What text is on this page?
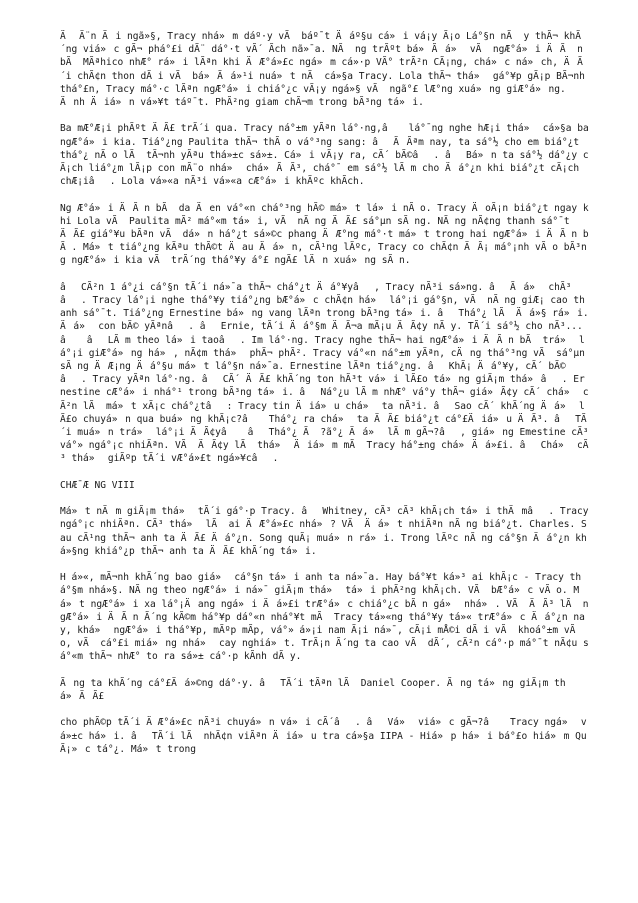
Ä Ä¨n Äi ngã»§, Tracy nhá»m dáº·y vÃ  báº¯t Äáº§u cá»i vá¡y Ã¡o Lá°§n nÃ  y thÃ¬ khÃ´ng viá»c gÃ¬ phá°£i dÃ¨ dá°·t vÃ´ Ãch nã»¯a. NÃ  ng trÃºt bá»Ãá» vÃ  ngÆ°á»i ÄÃ  n bÃ  MÃªhico nhÆ° rá»i lÃªn khi ÄÆ°á»£c ngá»m cá»·p VÃ° trÃ²n CÃ¡ng, chá»c ná»ch, ÄÃ´i chÃ¢n thon dÃ i vÃ  bá»Ãá»¹i nuá»t nÃ  cá»§a Tracy. Lola thÃ¬ thá» gá°¥p gÃ¡p BÃ¬nh thá°£n, Tracy má°·c lÃªn ngÆ°á»i chiá°¿c vÃ¡y ngá»§ vÃ  ngã°£ lÆ°ng xuá»ng giÆ°á»ng. Änh Äiá»n vá»¥t táº¯t. PhÃ²ng giam chÃ¬m trong bÃ³ng tá»i.

Ba mÆ°Æ¡i phÃºt ÄÃ£ trÃ´i qua. Tracy ná°±m yÃªn lá°·ng,â lá°¯ng nghe hÆ¡i thá» cá»§a ba ngÆ°á»i kia. Tiá°¿ng Paulita thÃ¬ thÃ o vá°³ng sang: âÃÃªm nay, ta sá°½ cho em biá°¿t thá°¿ nÃ o lÃ  tÃ¬nh yÃªu thá»±c sá»±. Cá»i vÃ¡y ra, cÃ´ bÃ©â. âBá»n ta sá°½ dá°¿y cÃ¡ch liá°¿m lÃ¡p con mÃ¨o nhá» chá»ÃÃ³, chá°¯ em sá°½ lÃ m cho Äá°¿n khi biá°¿t cÃ¡ch chÆ¡iâ. Lola vá»«a nÃ³i vá»«a cÆ°á»i khÃºc khÃch.

Ng Æ°á»i ÄÃ n bÃ  da Äen vá°«n chá°³ng hÃ© má»t lá»i nÃ o. Tracy ÄoÃ¡n biá°¿t ngay khi Lola vÃ  Paulita mÃ² má°«m tá»i, vÃ  nÃ ng ÄÃ£ sá°µn sÃ ng. NÃ ng nÃ¢ng thanh sá°¯t ÄÃ£ giá°¥u bÃªn vÃ  dá»n há°¿t sá»©c phang ÄÆ°ng má°·t má»t trong hai ngÆ°á»i ÄÃ n bÃ . Má»t tiá°¿ng kÃªu thÃ©t Äau Äá»n, cÃ¹ng lÃºc, Tracy co chÃ¢n ÄÃ¡ má°¡nh vÃ o bÃ³ng ngÆ°á»i kia vÃ  trÃ´ng thá°¥y á°£ ngÃ£ lÄn xuá»ng sÃ n.

âCÃ²n 1 á°¿i cá°§n tÃ´i ná»¯a thÃ¬ chá°¿t Äá°¥yâ, Tracy nÃ³i sá»ng. âÃá» chÃ³â. Tracy lá°¡i nghe thá°¥y tiá°¿ng bÆ°á»c chÃ¢n há» lá°¡i gá°§n, vÃ  nÃ ng giÆ¡ cao thanh sá°¯t. Tiá°¿ng Ernestine bá»ng vang lÃªn trong bÃ³ng tá»i. âThá°¿ lÃ  Äá»§ rá»i. Äá» con bÃ© yÃªnâ. âErnie, tÃ´i Äá°§m ÄÃ¬a mÃ¡u ÄÃ¢y nÃ y. TÃ´i sá°½ cho nÃ³...â âLÃ m theo lá»i taoâ. Im lá°·ng. Tracy nghe thÃ¬ hai ngÆ°á»i ÄÃ n bÃ  trá» lá°¡i giÆ°á»ng há», nÃ¢m thá» phÃ¬ phÃ². Tracy vá°«n ná°±m yÃªn, cÄng thá°³ng vÃ  sá°µn sÃ ng ÄÆ¡ng Äá°§u má»t lá°§n ná»¯a. Ernestine lÃªn tiá°¿ng. âKhÃ¡ Äá°¥y, cÃ´ bÃ©â. Tracy yÃªn lá°·ng. âCÃ´ ÄÃ£ khÃ´ng ton hÃ³t vá»i lÃ£o tá»ng giÃ¡m thá»â. Ernestine cÆ°á»i nhá°¹ trong bÃ³ng tá»i. âNá°¿u lÃ m nhÆ° vá°y thÃ¬ giá»Ã¢y cÃ´ chá» cÃ²n lÃ  má»t xÃ¡c chá°¿tâ: Tracy tin Äiá»u chá» ta nÃ³i. âSao cÃ´ khÃ´ng Äá» lÃ£o chuyá»n qua buá»ng khÃ¡c?â Thá°¿ ra chá» ta ÄÃ£ biá°¿t cá°£Äiá»u ÄÃ³. âTÃ´i muá»n trá» lá°¡i ÄÃ¢yâ âThá°¿ Ã  ?ã°¿ Äá» lÃ m gÃ¬?â, giá»ng Emestine cÃ³ vá°» ngá°¡c nhiÃªn. VÃ  ÄÃ¢y lÃ  thá» Äiá»m mÃ  Tracy há°±ng chá»Äá»£i. âChá» cÃ³ thá» giÃºp tÃ´i vÆ°á»£t ngá»¥câ.

CHÆ¯Æ NG VIII

Má»t nÄm giÃ¡m thá» tÃ´i gá°·p Tracy. âWhitney, cÃ³ cÃ³ khÃ¡ch tá»i thÄmâ. Tracy ngá°¡c nhiÃªn. CÃ³ thá» lÃ  ai ÄÆ°á»£c nhá»? VÃ  Äá»t nhiÃªn nÃ ng biá°¿t. Charles. Sau cÃ¹ng thÃ¬ anh ta ÄÃ£ Äá°¿n. Song quÃ¡ muá»n rá»i. Trong lÃºc nÃ ng cá°§n Äá°¿n khá»§ng khiá°¿p thÃ¬ anh ta ÄÃ£ khÃ´ng tá»i.

H á»«, mÃ¬nh khÃ´ng bao giá» cá°§n tá»i anh ta ná»¯a. Hay bá°¥t ká»³ ai khÃ¡c - Tracy thá°§m nhá»§. NÃ ng theo ngÆ°á»i ná»¯ giÃ¡m thá» tá»i phÃ²ng khÃ¡ch. VÃ  bÆ°á»c vÃ o. Má»t ngÆ°á»i xa lá°¡Äang ngá»i Äá»£i trÆ°á»c chiá°¿c bÃ n gá» nhá». VÃ  ÄÃ³ lÃ  ngÆ°á»i ÄÃ n Ã´ng kÃ©m há°¥p dá°«n nhá°¥t mÃ  Tracy tá»«ng thá°¥y tá»« trÆ°á»c Äá°¿n nay, khá» ngÆ°á»i thá°¥p, mÃºp mÃp, vá°» á»¡i nam Ã¡i ná»¯, cÃ¡i mÅ©i dÃ i vÃ  khoá°±m vÃ o, vÃ  cá°£i miá»ng nhá» cay nghiá»t. TrÃ¡n Ã´ng ta cao vÃ  dÃ´, cÃ²n cá°·p má°¯t nÃ¢u sá°«m thÃ¬ nhÆ° to ra sá»± cá°·p kÃnh dÃ y.

Ãng ta khÃ´ng cá°£Äá»©ng dá°·y. âTÃ´i tÃªn lÃ  Daniel Cooper. Ãng tá»ng giÃ¡m thá»ÄÃ£

cho phÃ©p tÃ´i ÄÆ°á»£c nÃ³i chuyá»n vá»i cÃ´â. âVá» viá»c gÃ¬?â Tracy ngá» vá»±c há»i. âTÃ´i lÃ  nhÃ¢n viÃªn Äiá»u tra cá»§a IIPA - Hiá»p há»i bá°£o hiá»m QuÃ¡»c tá°¿. Má»t trong
